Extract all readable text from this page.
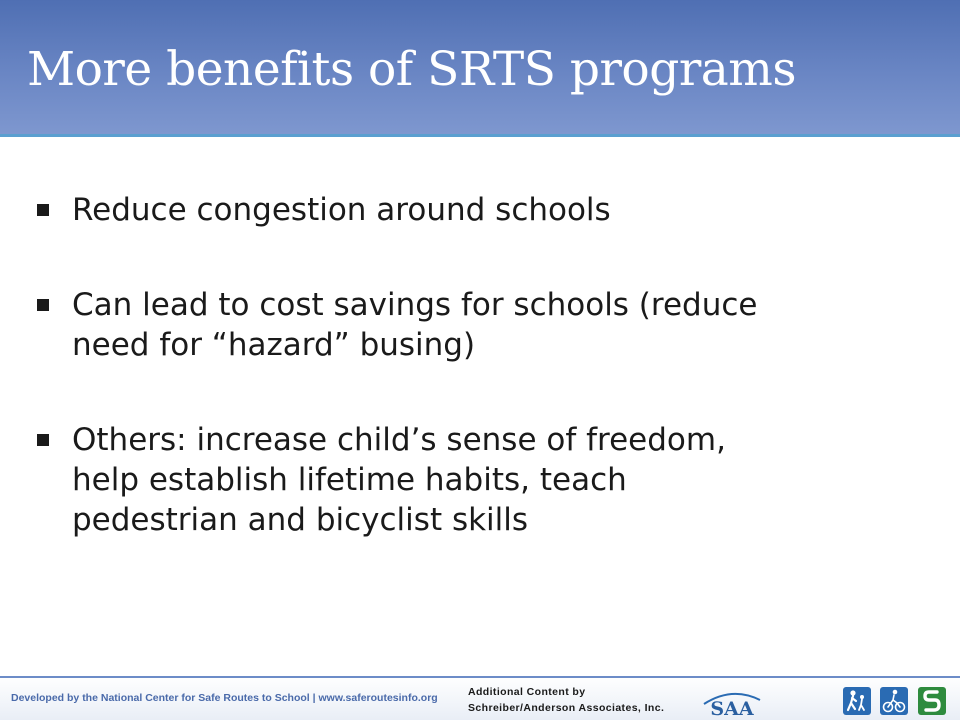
More benefits of SRTS programs
Reduce congestion around schools
Can lead to cost savings for schools (reduce need for “hazard” busing)
Others: increase child’s sense of freedom, help establish lifetime habits, teach pedestrian and bicyclist skills
Developed by the National Center for Safe Routes to School | www.saferoutesinfo.org	Additional Content by
Schreiber/Anderson Associates, Inc.	SAA
